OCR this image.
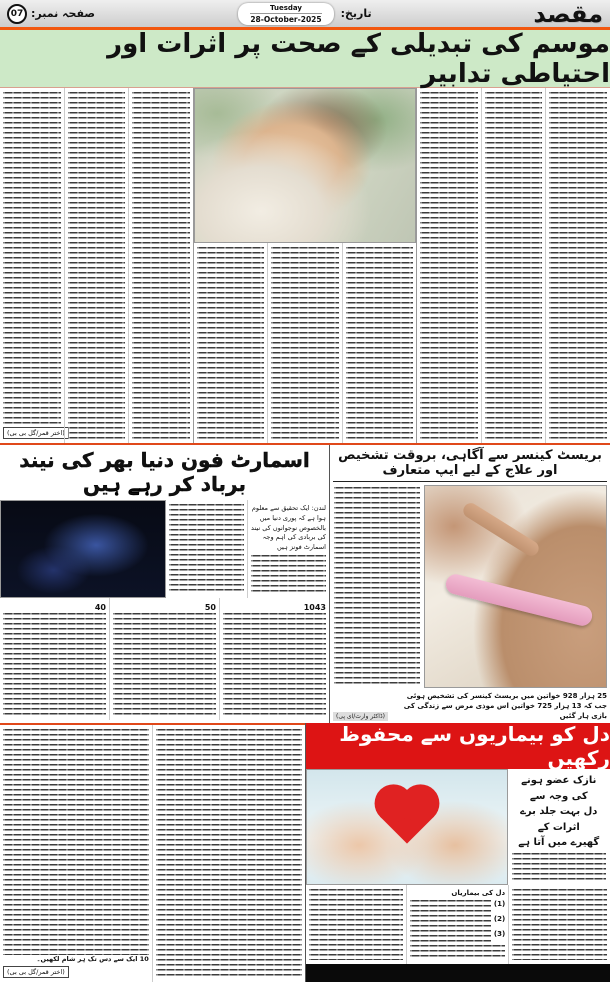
07 صفحہ نمبر:	Tuesday
28-October-2025 تاریخ:	مقصد
موسم کی تبدیلی کے صحت پر اثرات اور احتیاطی تدابیر
(اختر قمر/گل بی بی)
اسمارٹ فون دنیا بھر کی نیند برباد کر رہے ہیں

لندن: ایک تحقیق سے معلوم ہوا ہے کہ پوری دنیا میں بالخصوص نوجوانوں کی نیند کی بربادی کی اہم وجہ اسمارٹ فونز ہیں

40	50	1043
بریسٹ کینسر سے آگاہی، بروقت تشخیص اور علاج کے لیے ایپ متعارف
(ڈاکٹر وارث/ای پی)

25 ہزار 928 خواتین میں بریسٹ کینسر کی تشخیص ہوئی جب کہ 13 ہزار 725 خواتین اس موذی مرض سے زندگی کی بازی ہار گئیں

10 ایک سے دس تک ہر شام لکھیں۔
(اختر قمر/گل بی بی)
دل کو بیماریوں سے محفوظ رکھیں
نازک عضو ہونے کی وجہ سے
دل بہت جلد برے اثرات کے
گھیرے میں آتا ہے
دل کی بیماریاں
(1)
(2)
(3)
